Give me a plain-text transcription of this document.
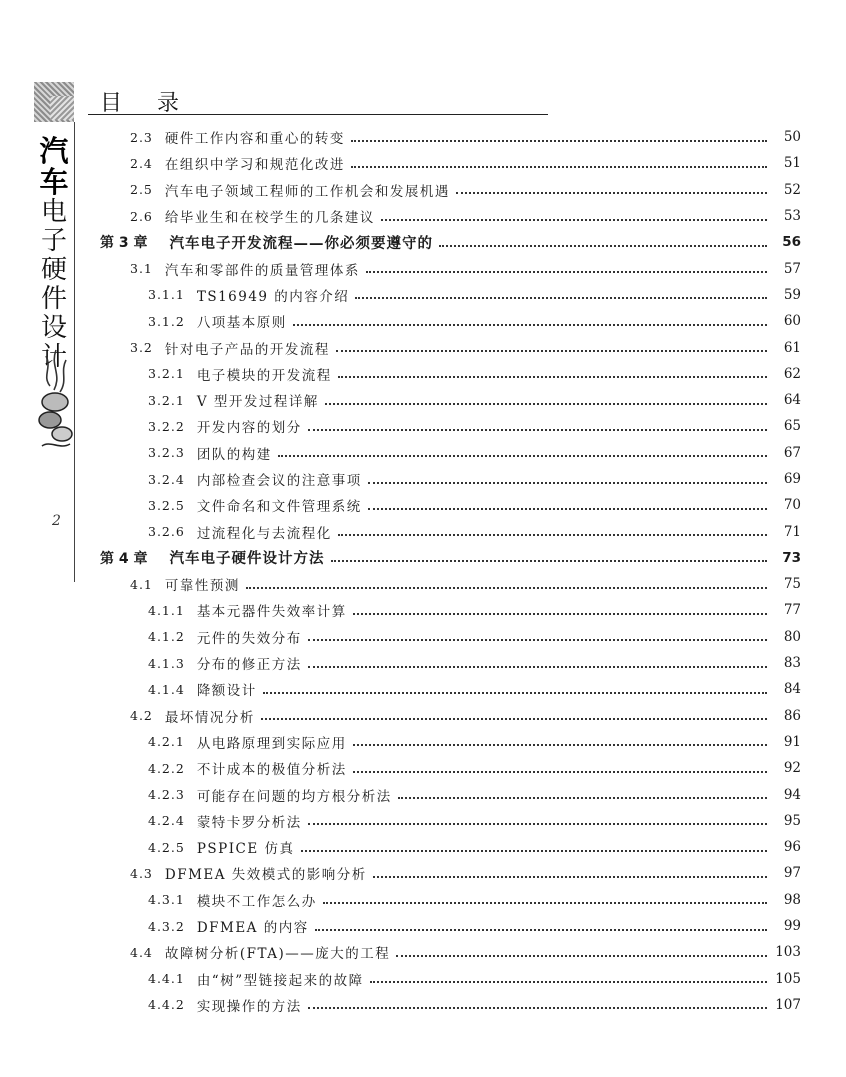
目 录
汽
车
电
子
硬
件
设
计
2
2.3 硬件工作内容和重心的转变	50
2.4 在组织中学习和规范化改进	51
2.5 汽车电子领域工程师的工作机会和发展机遇	52
2.6 给毕业生和在校学生的几条建议	53
第 3 章 汽车电子开发流程——你必须要遵守的	56
3.1 汽车和零部件的质量管理体系	57
3.1.1 TS16949 的内容介绍	59
3.1.2 八项基本原则	60
3.2 针对电子产品的开发流程	61
3.2.1 电子模块的开发流程	62
3.2.1 V 型开发过程详解	64
3.2.2 开发内容的划分	65
3.2.3 团队的构建	67
3.2.4 内部检查会议的注意事项	69
3.2.5 文件命名和文件管理系统	70
3.2.6 过流程化与去流程化	71
第 4 章 汽车电子硬件设计方法	73
4.1 可靠性预测	75
4.1.1 基本元器件失效率计算	77
4.1.2 元件的失效分布	80
4.1.3 分布的修正方法	83
4.1.4 降额设计	84
4.2 最坏情况分析	86
4.2.1 从电路原理到实际应用	91
4.2.2 不计成本的极值分析法	92
4.2.3 可能存在问题的均方根分析法	94
4.2.4 蒙特卡罗分析法	95
4.2.5 PSPICE 仿真	96
4.3 DFMEA 失效模式的影响分析	97
4.3.1 模块不工作怎么办	98
4.3.2 DFMEA 的内容	99
4.4 故障树分析(FTA)——庞大的工程	103
4.4.1 由“树”型链接起来的故障	105
4.4.2 实现操作的方法	107
